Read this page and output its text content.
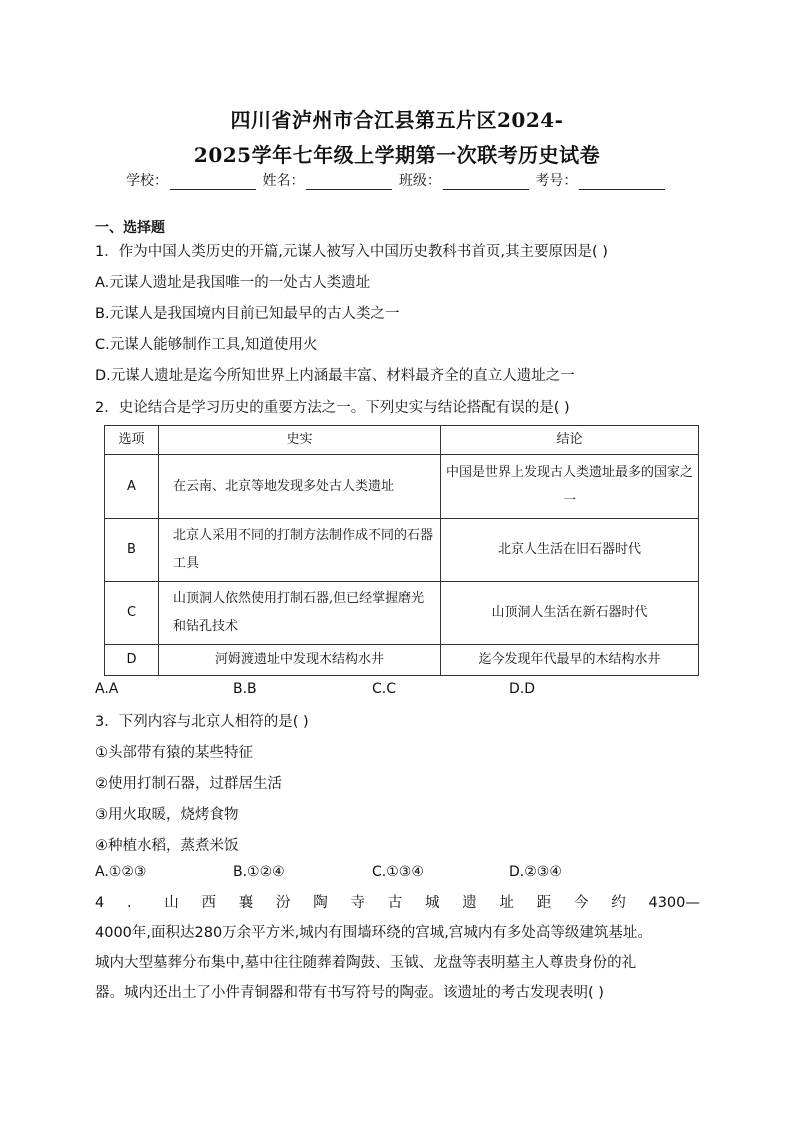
四川省泸州市合江县第五片区2024-
2025学年七年级上学期第一次联考历史试卷
学校：	姓名：	班级：	考号：
一、选择题
1．作为中国人类历史的开篇,元谋人被写入中国历史教科书首页,其主要原因是( )
A.元谋人遗址是我国唯一的一处古人类遗址
B.元谋人是我国境内目前已知最早的古人类之一
C.元谋人能够制作工具,知道使用火
D.元谋人遗址是迄今所知世界上内涵最丰富、材料最齐全的直立人遗址之一
2．史论结合是学习历史的重要方法之一。下列史实与结论搭配有误的是( )
选项	史实	结论
A	在云南、北京等地发现多处古人类遗址	中国是世界上发现古人类遗址最多的国家之一
B	北京人采用不同的打制方法制作成不同的石器工具	北京人生活在旧石器时代
C	山顶洞人依然使用打制石器,但已经掌握磨光和钻孔技术	山顶洞人生活在新石器时代
D	河姆渡遗址中发现木结构水井	迄今发现年代最早的木结构水井
A.A	B.B	C.C	D.D
3．下列内容与北京人相符的是( )
①头部带有猿的某些特征
②使用打制石器，过群居生活
③用火取暖，烧烤食物
④种植水稻，蒸煮米饭
A.①②③	B.①②④	C.①③④	D.②③④
4 ． 山 西 襄 汾 陶 寺 古 城 遗 址 距 今 约 4300—
4000年,面积达280万余平方米,城内有围墙环绕的宫城,宫城内有多处高等级建筑基址。
城内大型墓葬分布集中,墓中往往随葬着陶鼓、玉钺、龙盘等表明墓主人尊贵身份的礼
器。城内还出土了小件青铜器和带有书写符号的陶壶。该遗址的考古发现表明( )
